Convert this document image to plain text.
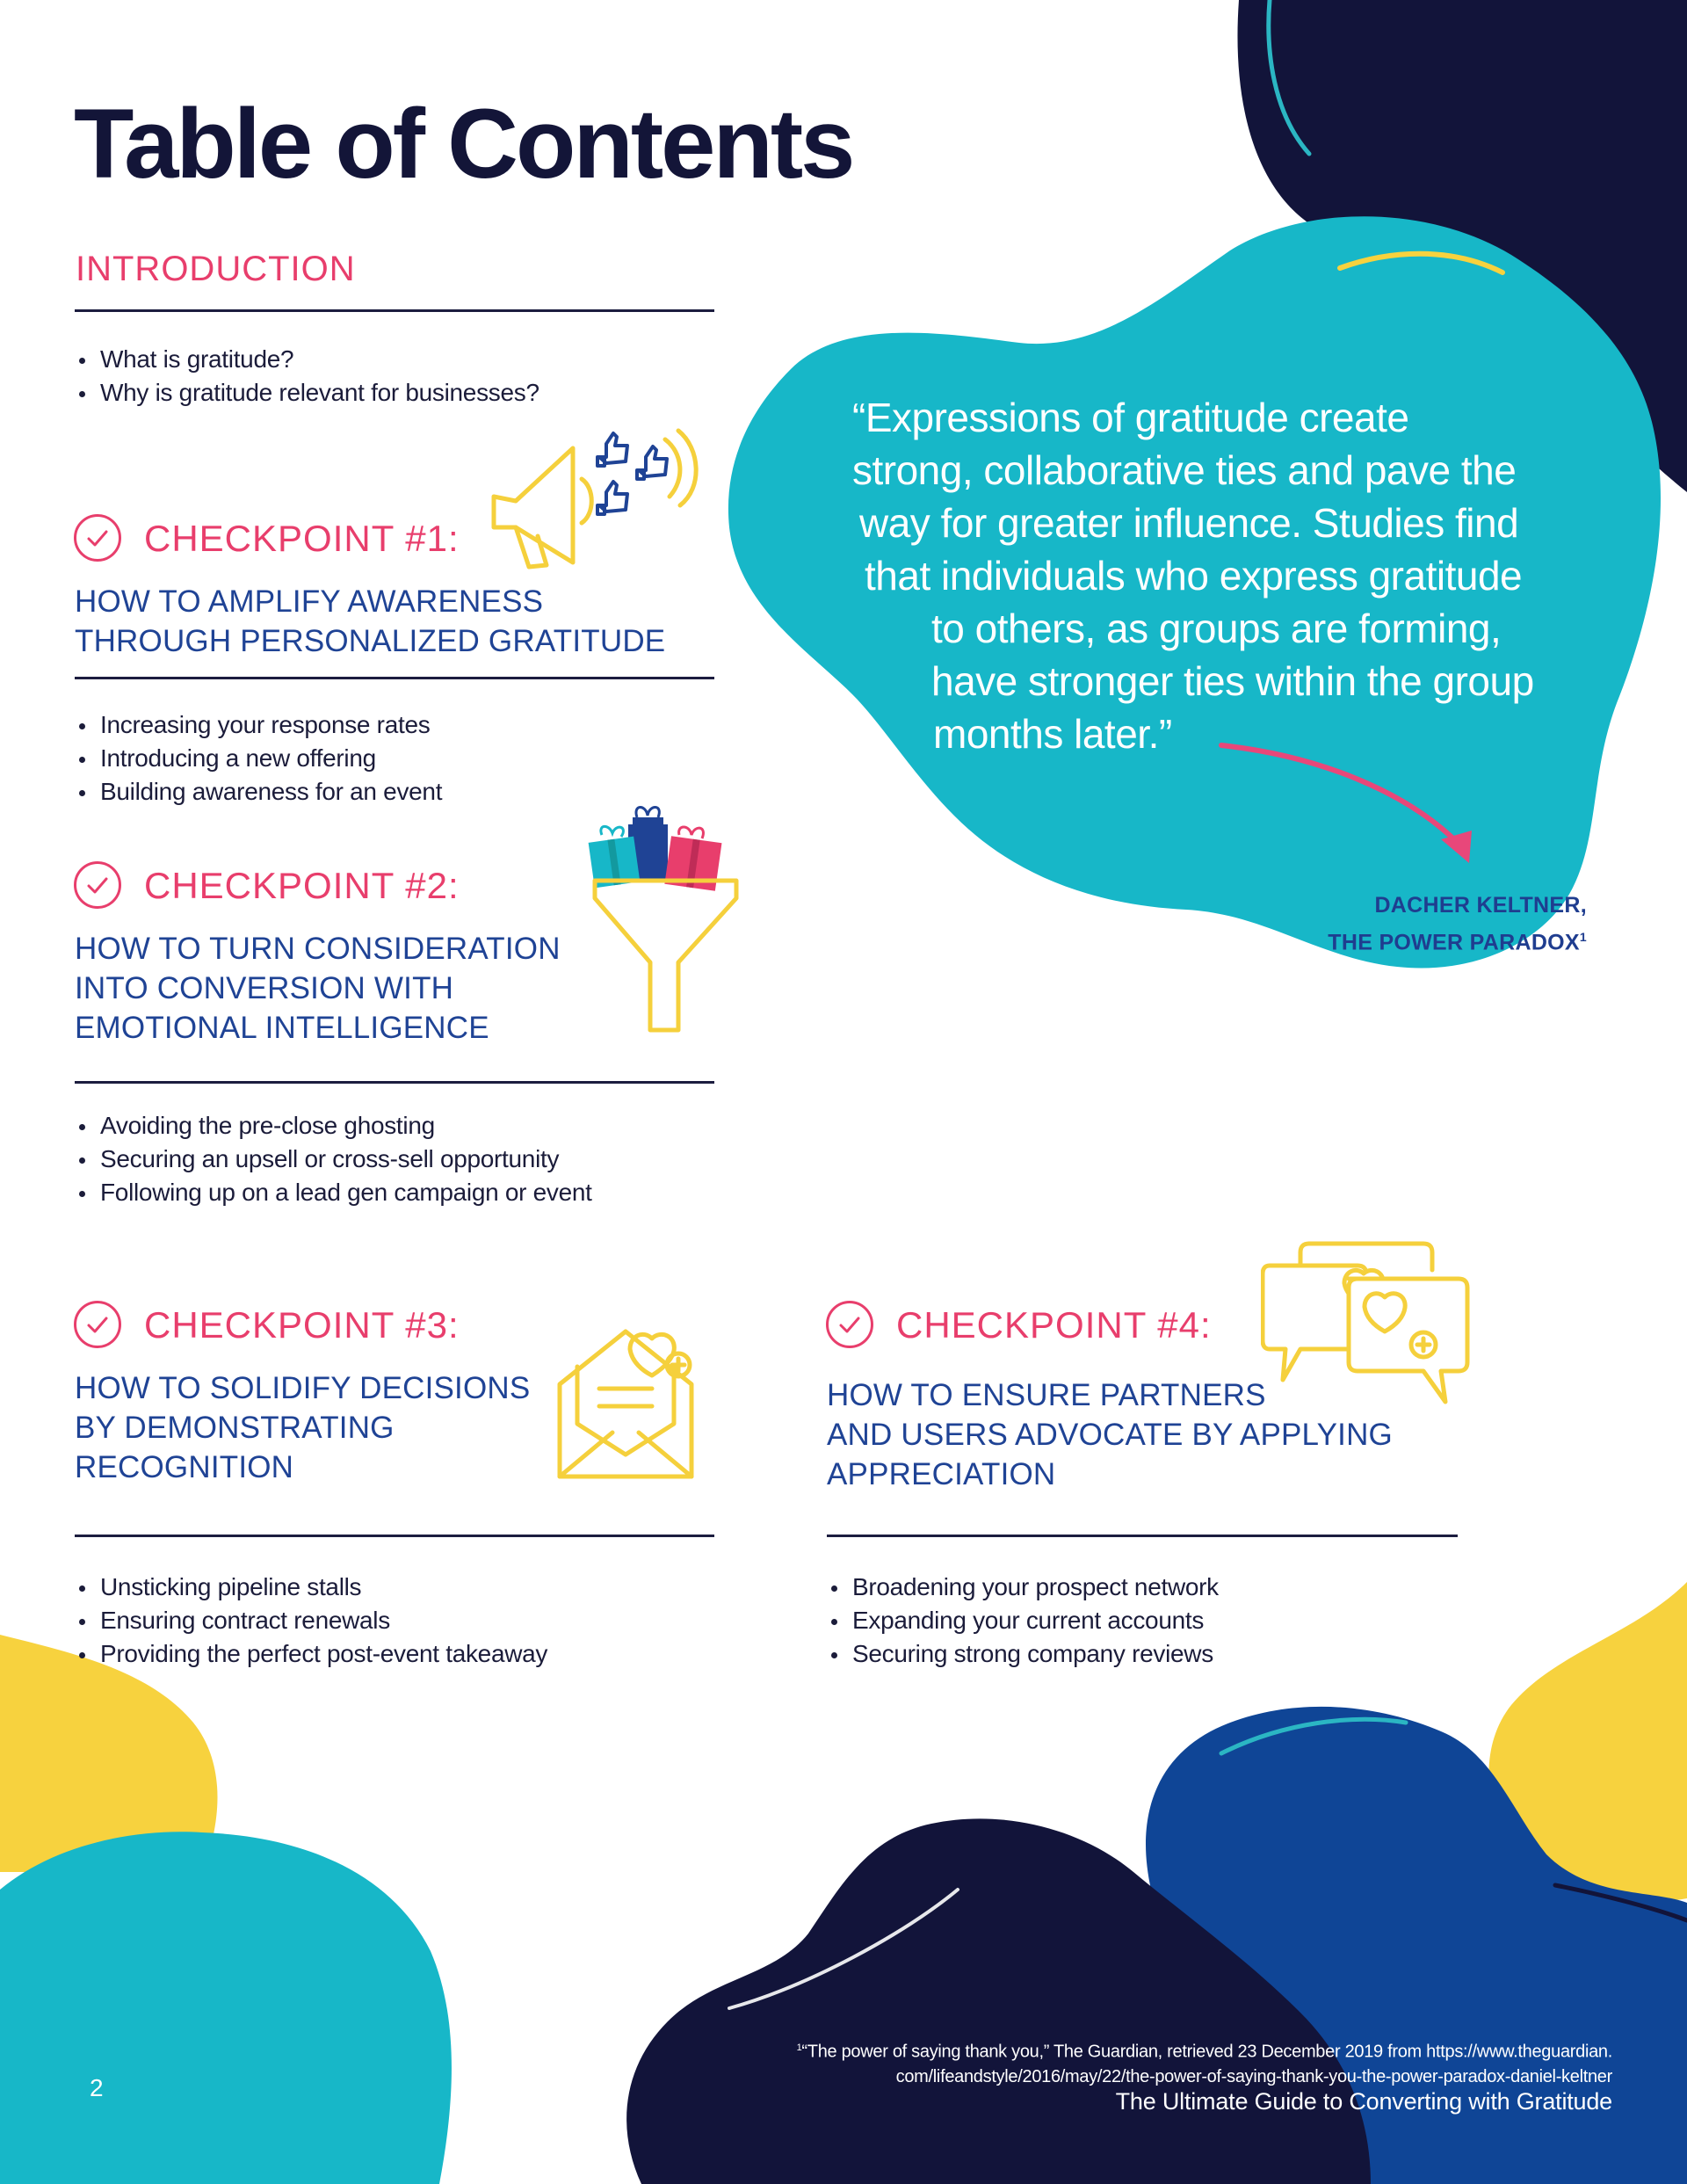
Table of Contents
INTRODUCTION
What is gratitude?
Why is gratitude relevant for businesses?
CHECKPOINT #1:

HOW TO AMPLIFY AWARENESS

THROUGH PERSONALIZED GRATITUDE

Increasing your response rates
Introducing a new offering
Building awareness for an event
CHECKPOINT #2:

HOW TO TURN CONSIDERATION

INTO CONVERSION WITH

EMOTIONAL INTELLIGENCE

Avoiding the pre-close ghosting
Securing an upsell or cross-sell opportunity
Following up on a lead gen campaign or event
“Expressions of gratitude create
strong, collaborative ties and pave the
way for greater influence. Studies find
that individuals who express gratitude
to others, as groups are forming,
have stronger ties within the group
months later.”
DACHER KELTNER,
THE POWER PARADOX$^1$
CHECKPOINT #3:

HOW TO SOLIDIFY DECISIONS

BY DEMONSTRATING

RECOGNITION

Unsticking pipeline stalls
Ensuring contract renewals
Providing the perfect post-event takeaway
CHECKPOINT #4:

HOW TO ENSURE PARTNERS

AND USERS ADVOCATE BY APPLYING

APPRECIATION

Broadening your prospect network
Expanding your current accounts
Securing strong company reviews
$^1$“The power of saying thank you,” The Guardian, retrieved 23 December 2019 from https://www.theguardian.
com/lifeandstyle/2016/may/22/the-power-of-saying-thank-you-the-power-paradox-daniel-keltner

The Ultimate Guide to Converting with Gratitude

2
